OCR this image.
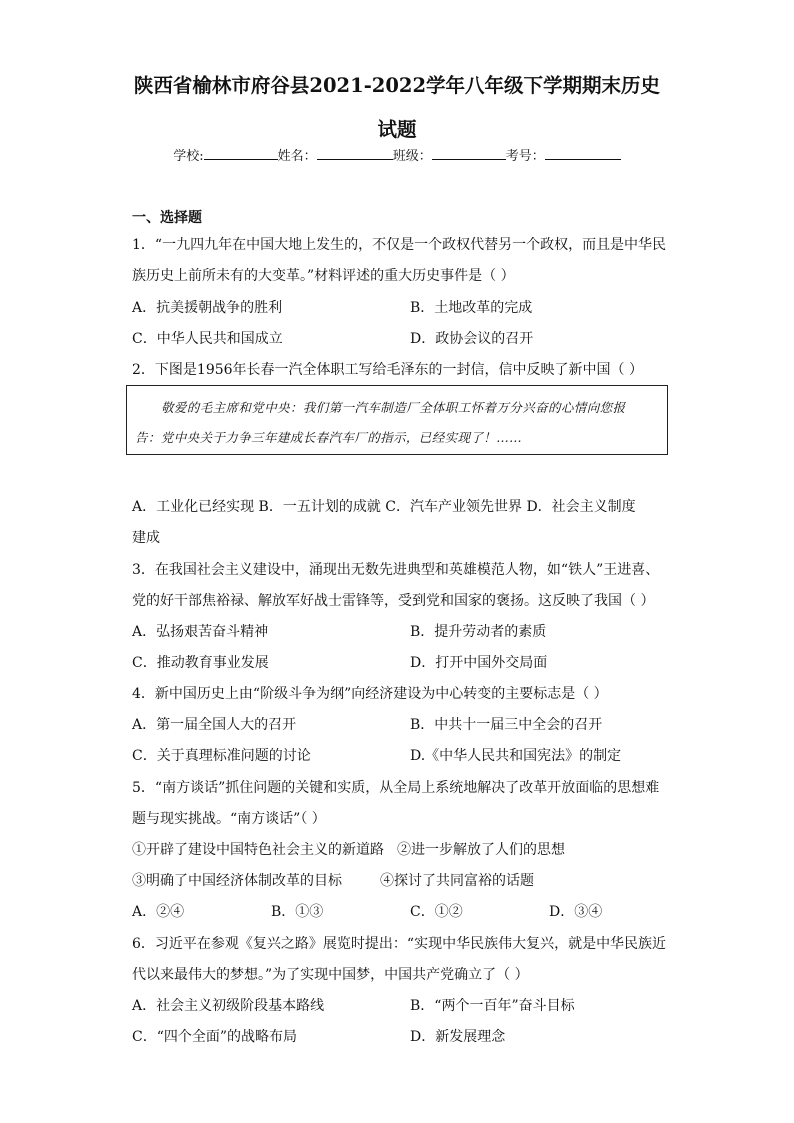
陕西省榆林市府谷县2021-2022学年八年级下学期期末历史
试题
学校:	姓名：	班级：	考号：
一、选择题
1．“一九四九年在中国大地上发生的，不仅是一个政权代替另一个政权，而且是中华民
族历史上前所未有的大变革。”材料评述的重大历史事件是（ ）
A．抗美援朝战争的胜利	B．土地改革的完成
C．中华人民共和国成立	D．政协会议的召开
2．下图是1956年长春一汽全体职工写给毛泽东的一封信，信中反映了新中国（ ）
敬爱的毛主席和党中央：我们第一汽车制造厂全体职工怀着万分兴奋的心情向您报
告：党中央关于力争三年建成长春汽车厂的指示，已经实现了！……
A．工业化已经实现 B．一五计划的成就 C．汽车产业领先世界 D．社会主义制度
建成
3．在我国社会主义建设中，涌现出无数先进典型和英雄模范人物，如“铁人”王进喜、
党的好干部焦裕禄、解放军好战士雷锋等，受到党和国家的褒扬。这反映了我国（ ）
A．弘扬艰苦奋斗精神	B．提升劳动者的素质
C．推动教育事业发展	D．打开中国外交局面
4．新中国历史上由“阶级斗争为纲”向经济建设为中心转变的主要标志是（ ）
A．第一届全国人大的召开	B．中共十一届三中全会的召开
C．关于真理标准问题的讨论	D.《中华人民共和国宪法》的制定
5．“南方谈话”抓住问题的关键和实质，从全局上系统地解决了改革开放面临的思想难
题与现实挑战。“南方谈话”（ ）
①开辟了建设中国特色社会主义的新道路 ②进一步解放了人们的思想
③明确了中国经济体制改革的目标	④探讨了共同富裕的话题
A．②④	B．①③	C．①②	D．③④
6．习近平在参观《复兴之路》展览时提出：“实现中华民族伟大复兴，就是中华民族近
代以来最伟大的梦想。”为了实现中国梦，中国共产党确立了（ ）
A．社会主义初级阶段基本路线	B．“两个一百年”奋斗目标
C．“四个全面”的战略布局	D．新发展理念
